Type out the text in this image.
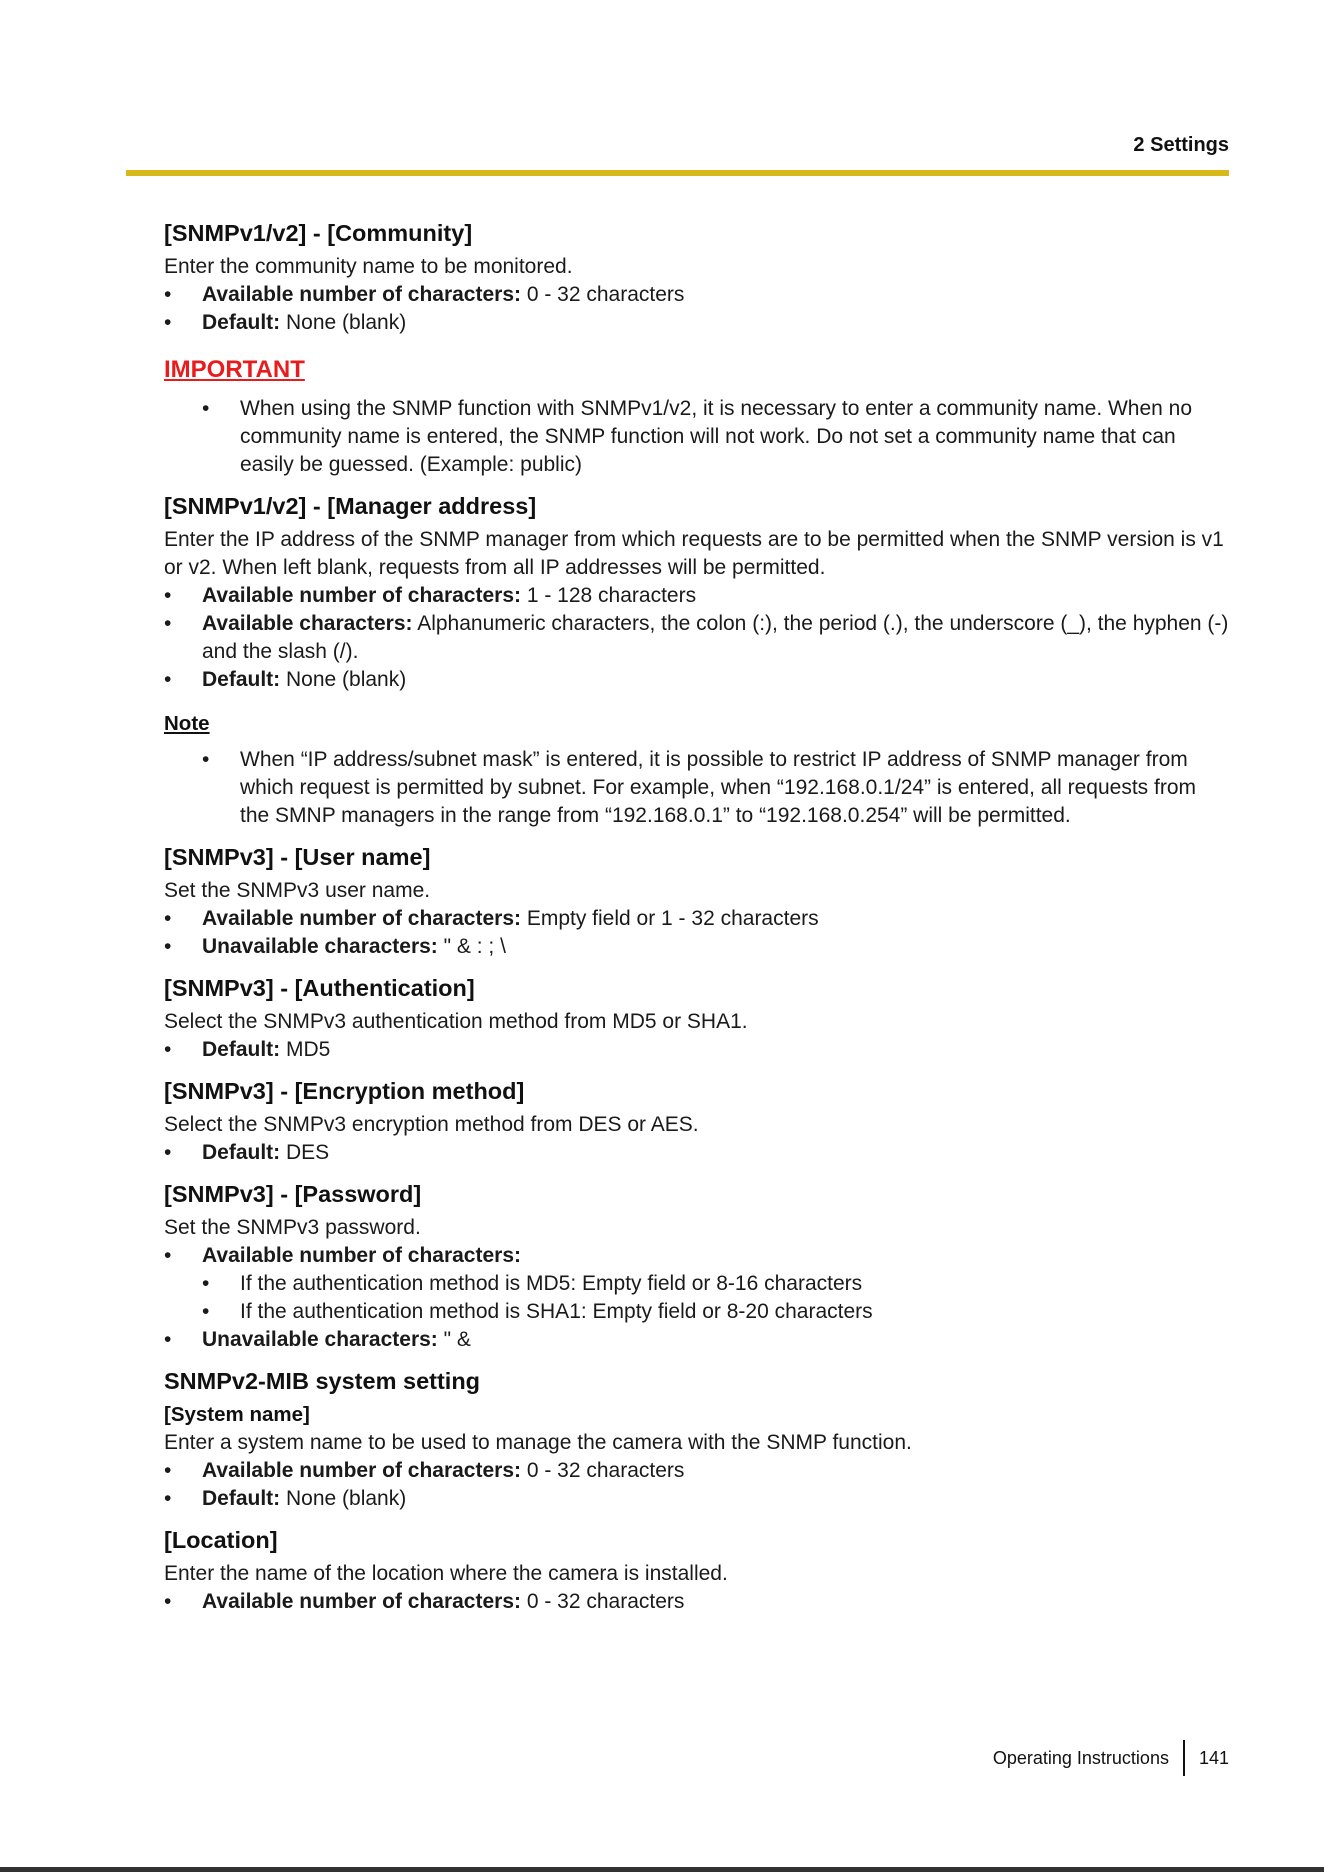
2 Settings
[SNMPv1/v2] - [Community]

Enter the community name to be monitored.

• Available number of characters: 0 - 32 characters
• Default: None (blank)
IMPORTANT
• When using the SNMP function with SNMPv1/v2, it is necessary to enter a community name. When no community name is entered, the SNMP function will not work. Do not set a community name that can easily be guessed. (Example: public)
[SNMPv1/v2] - [Manager address]

Enter the IP address of the SNMP manager from which requests are to be permitted when the SNMP version is v1 or v2. When left blank, requests from all IP addresses will be permitted.

• Available number of characters: 1 - 128 characters
• Available characters: Alphanumeric characters, the colon (:), the period (.), the underscore (_), the hyphen (-) and the slash (/).
• Default: None (blank)
Note
• When “IP address/subnet mask” is entered, it is possible to restrict IP address of SNMP manager from which request is permitted by subnet. For example, when “192.168.0.1/24” is entered, all requests from the SMNP managers in the range from “192.168.0.1” to “192.168.0.254” will be permitted.
[SNMPv3] - [User name]

Set the SNMPv3 user name.

• Available number of characters: Empty field or 1 - 32 characters
• Unavailable characters: " & : ; \
[SNMPv3] - [Authentication]

Select the SNMPv3 authentication method from MD5 or SHA1.

• Default: MD5
[SNMPv3] - [Encryption method]

Select the SNMPv3 encryption method from DES or AES.

• Default: DES
[SNMPv3] - [Password]

Set the SNMPv3 password.

• Available number of characters:
• If the authentication method is MD5: Empty field or 8-16 characters
• If the authentication method is SHA1: Empty field or 8-20 characters
• Unavailable characters: " &
SNMPv2-MIB system setting
[System name]

Enter a system name to be used to manage the camera with the SNMP function.

• Available number of characters: 0 - 32 characters
• Default: None (blank)
[Location]

Enter the name of the location where the camera is installed.

• Available number of characters: 0 - 32 characters
Operating Instructions 141
